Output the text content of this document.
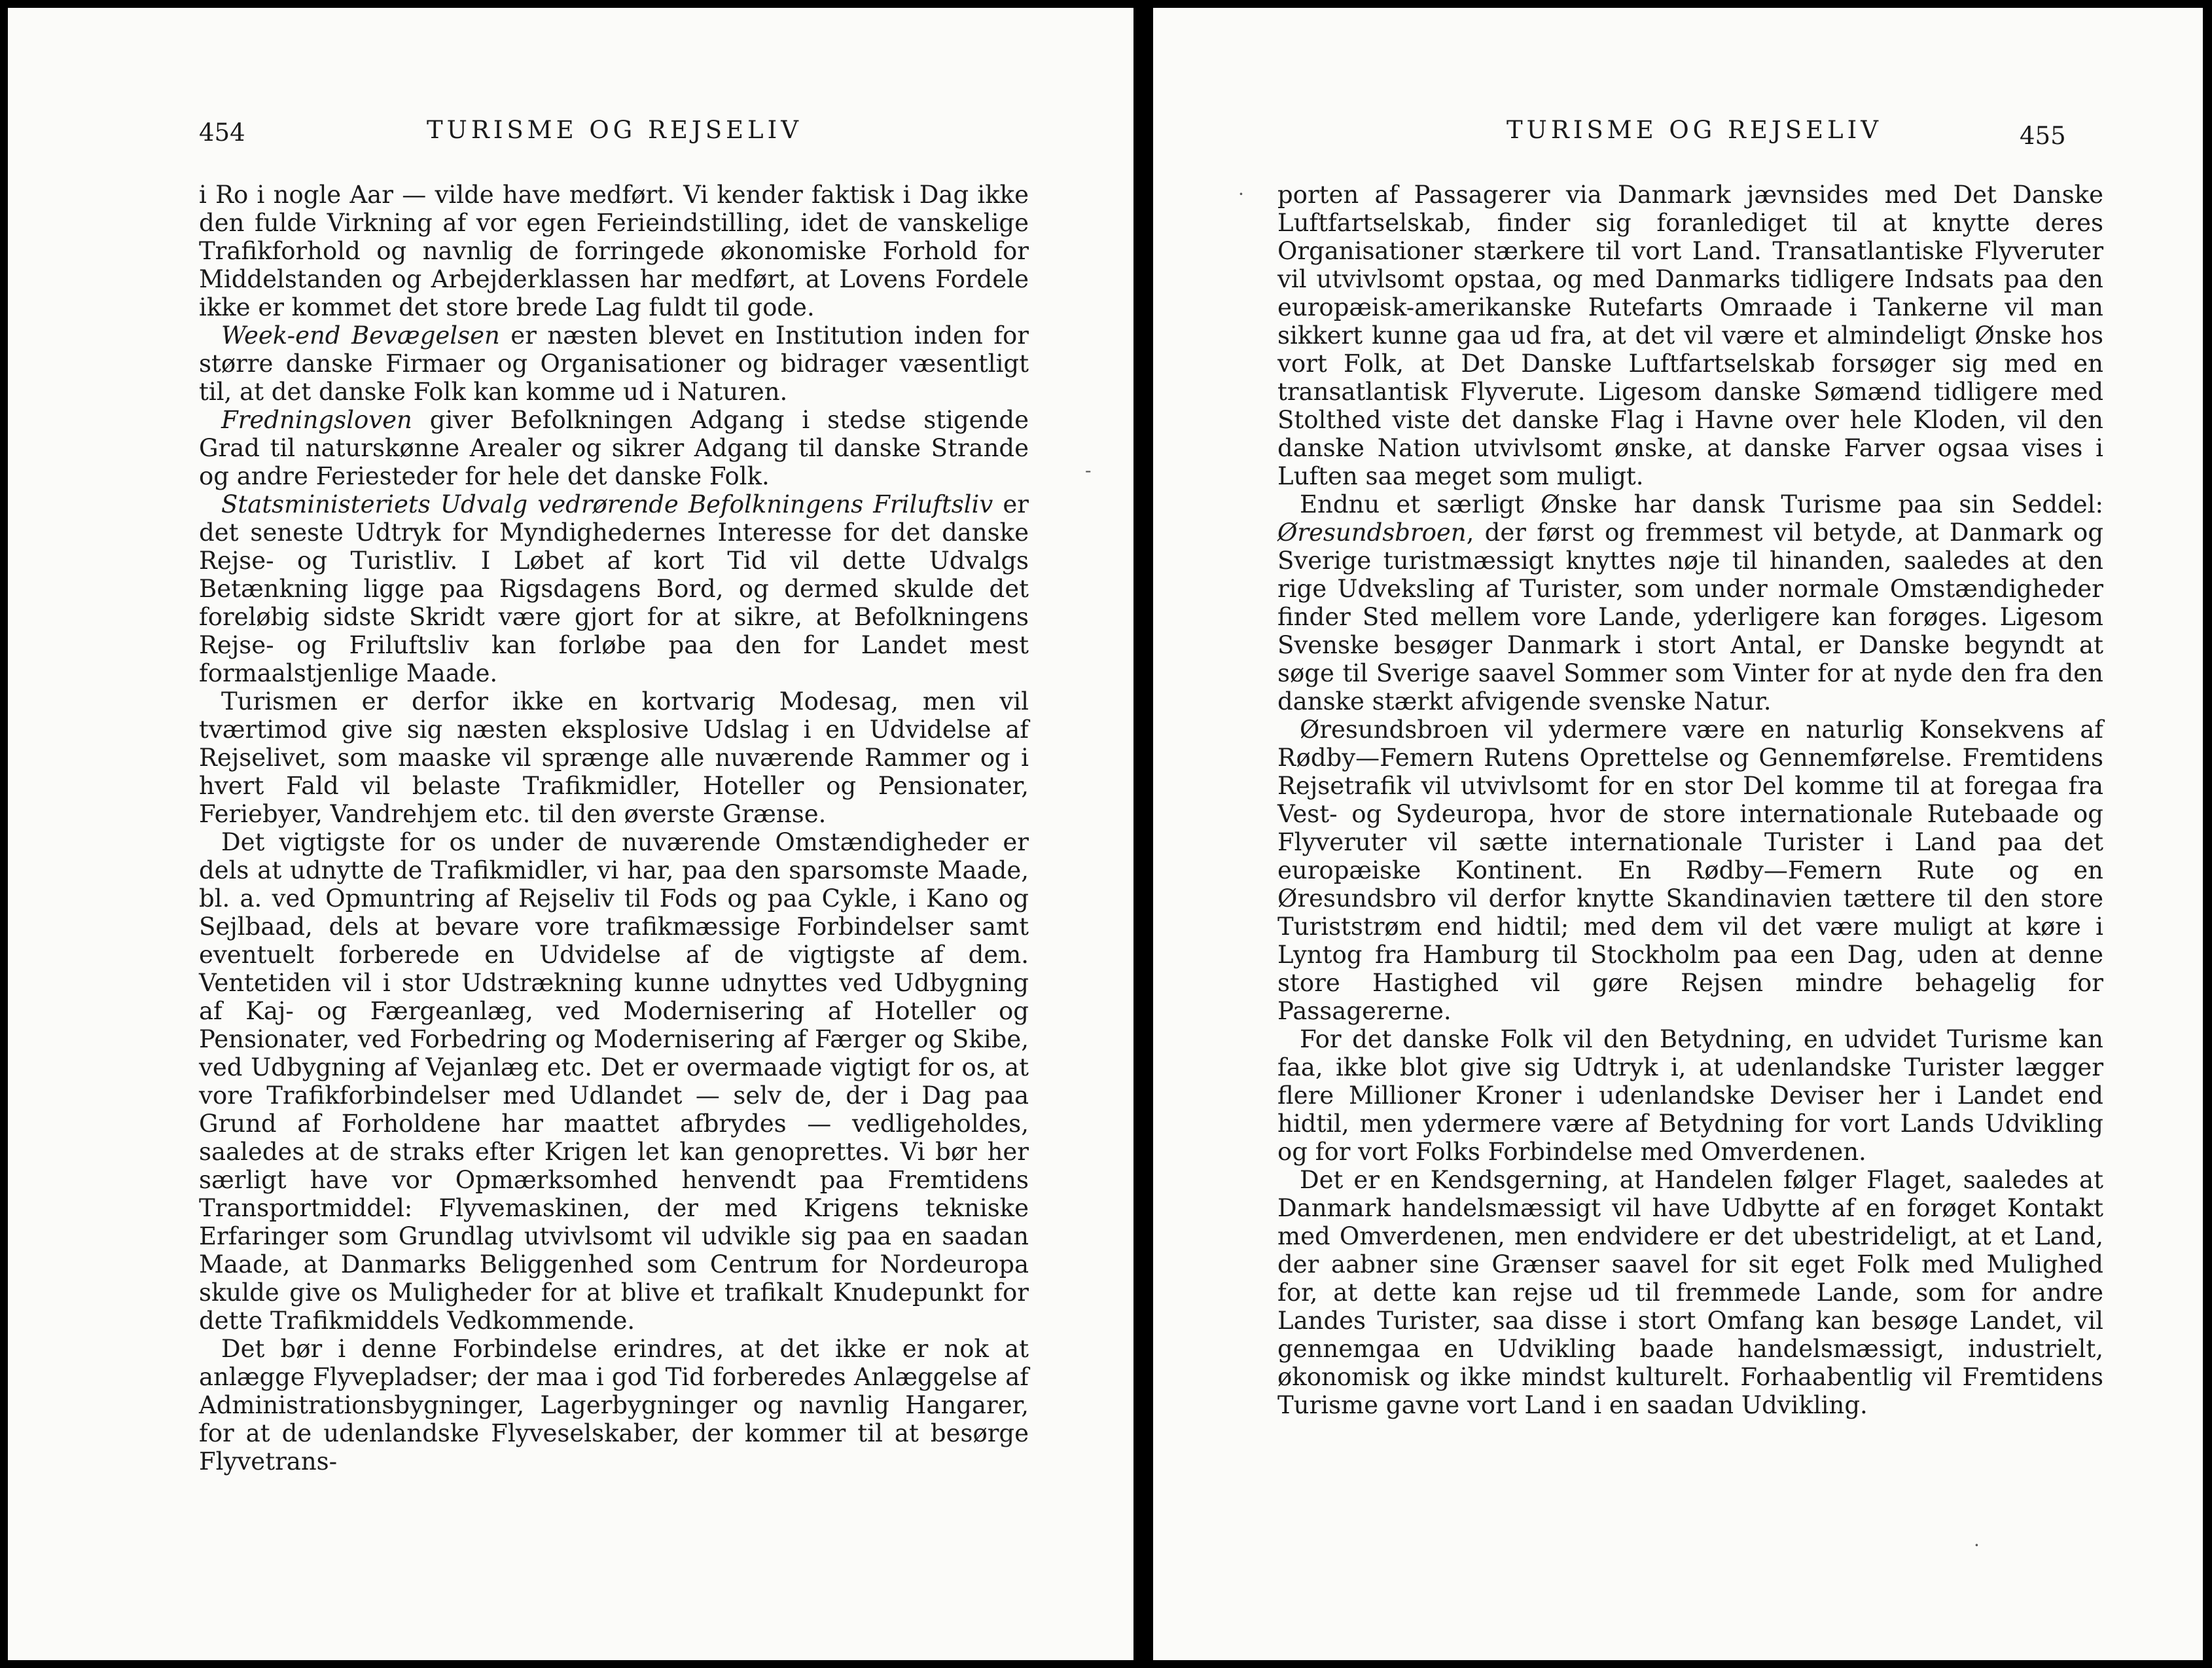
454	TURISME OG REJSELIV

i Ro i nogle Aar — vilde have medført. Vi kender faktisk i Dag ikke den fulde Virkning af vor egen Ferieindstilling, idet de vanskelige Trafikforhold og navnlig de forringede økonomiske Forhold for Middelstanden og Arbejderklassen har medført, at Lovens Fordele ikke er kommet det store brede Lag fuldt til gode.

Week-end Bevægelsen er næsten blevet en Institution inden for større danske Firmaer og Organisationer og bidrager væsentligt til, at det danske Folk kan komme ud i Naturen.

Fredningsloven giver Befolkningen Adgang i stedse stigende Grad til naturskønne Arealer og sikrer Adgang til danske Strande og andre Feriesteder for hele det danske Folk.

Statsministeriets Udvalg vedrørende Befolkningens Friluftsliv er det seneste Udtryk for Myndighedernes Interesse for det danske Rejse- og Turistliv. I Løbet af kort Tid vil dette Udvalgs Betænkning ligge paa Rigsdagens Bord, og dermed skulde det foreløbig sidste Skridt være gjort for at sikre, at Befolkningens Rejse- og Friluftsliv kan forløbe paa den for Landet mest formaalstjenlige Maade.

Turismen er derfor ikke en kortvarig Modesag, men vil tværtimod give sig næsten eksplosive Udslag i en Udvidelse af Rejselivet, som maaske vil sprænge alle nuværende Rammer og i hvert Fald vil belaste Trafikmidler, Hoteller og Pensionater, Feriebyer, Vandrehjem etc. til den øverste Grænse.

Det vigtigste for os under de nuværende Omstændigheder er dels at udnytte de Trafikmidler, vi har, paa den sparsomste Maade, bl. a. ved Opmuntring af Rejseliv til Fods og paa Cykle, i Kano og Sejlbaad, dels at bevare vore trafikmæssige Forbindelser samt eventuelt forberede en Udvidelse af de vigtigste af dem. Ventetiden vil i stor Udstrækning kunne udnyttes ved Udbygning af Kaj- og Færgeanlæg, ved Modernisering af Hoteller og Pensionater, ved Forbedring og Modernisering af Færger og Skibe, ved Udbygning af Vejanlæg etc. Det er overmaade vigtigt for os, at vore Trafikforbindelser med Udlandet — selv de, der i Dag paa Grund af Forholdene har maattet afbrydes — vedligeholdes, saaledes at de straks efter Krigen let kan genoprettes. Vi bør her særligt have vor Opmærksomhed henvendt paa Fremtidens Transportmiddel: Flyvemaskinen, der med Krigens tekniske Erfaringer som Grundlag utvivlsomt vil udvikle sig paa en saadan Maade, at Danmarks Beliggenhed som Centrum for Nordeuropa skulde give os Muligheder for at blive et trafikalt Knudepunkt for dette Trafikmiddels Vedkommende.

Det bør i denne Forbindelse erindres, at det ikke er nok at anlægge Flyvepladser; der maa i god Tid forberedes Anlæggelse af Administrationsbygninger, Lagerbygninger og navnlig Hangarer, for at de udenlandske Flyveselskaber, der kommer til at besørge Flyvetrans-

-
TURISME OG REJSELIV	455
· porten af Passagerer via Danmark jævnsides med Det Danske Luftfartselskab, finder sig foranlediget til at knytte deres Organisationer stærkere til vort Land. Transatlantiske Flyveruter vil utvivlsomt opstaa, og med Danmarks tidligere Indsats paa den europæisk-amerikanske Rutefarts Omraade i Tankerne vil man sikkert kunne gaa ud fra, at det vil være et almindeligt Ønske hos vort Folk, at Det Danske Luftfartselskab forsøger sig med en transatlantisk Flyverute. Ligesom danske Sømænd tidligere med Stolthed viste det danske Flag i Havne over hele Kloden, vil den danske Nation utvivlsomt ønske, at danske Farver ogsaa vises i Luften saa meget som muligt.

Endnu et særligt Ønske har dansk Turisme paa sin Seddel: Øresundsbroen, der først og fremmest vil betyde, at Danmark og Sverige turistmæssigt knyttes nøje til hinanden, saaledes at den rige Udveksling af Turister, som under normale Omstændigheder finder Sted mellem vore Lande, yderligere kan forøges. Ligesom Svenske besøger Danmark i stort Antal, er Danske begyndt at søge til Sverige saavel Sommer som Vinter for at nyde den fra den danske stærkt afvigende svenske Natur.

Øresundsbroen vil ydermere være en naturlig Konsekvens af Rødby—Femern Rutens Oprettelse og Gennemførelse. Fremtidens Rejsetrafik vil utvivlsomt for en stor Del komme til at foregaa fra Vest- og Sydeuropa, hvor de store internationale Rutebaade og Flyveruter vil sætte internationale Turister i Land paa det europæiske Kontinent. En Rødby—Femern Rute og en Øresundsbro vil derfor knytte Skandinavien tættere til den store Turiststrøm end hidtil; med dem vil det være muligt at køre i Lyntog fra Hamburg til Stockholm paa een Dag, uden at denne store Hastighed vil gøre Rejsen mindre behagelig for Passagererne.

For det danske Folk vil den Betydning, en udvidet Turisme kan faa, ikke blot give sig Udtryk i, at udenlandske Turister lægger flere Millioner Kroner i udenlandske Deviser her i Landet end hidtil, men ydermere være af Betydning for vort Lands Udvikling og for vort Folks Forbindelse med Omverdenen.

Det er en Kendsgerning, at Handelen følger Flaget, saaledes at Danmark handelsmæssigt vil have Udbytte af en forøget Kontakt med Omverdenen, men endvidere er det ubestrideligt, at et Land, der aabner sine Grænser saavel for sit eget Folk med Mulighed for, at dette kan rejse ud til fremmede Lande, som for andre Landes Turister, saa disse i stort Omfang kan besøge Landet, vil gennemgaa en Udvikling baade handelsmæssigt, industrielt, økonomisk og ikke mindst kulturelt. Forhaabentlig vil Fremtidens Turisme gavne vort Land i en saadan Udvikling.

·
